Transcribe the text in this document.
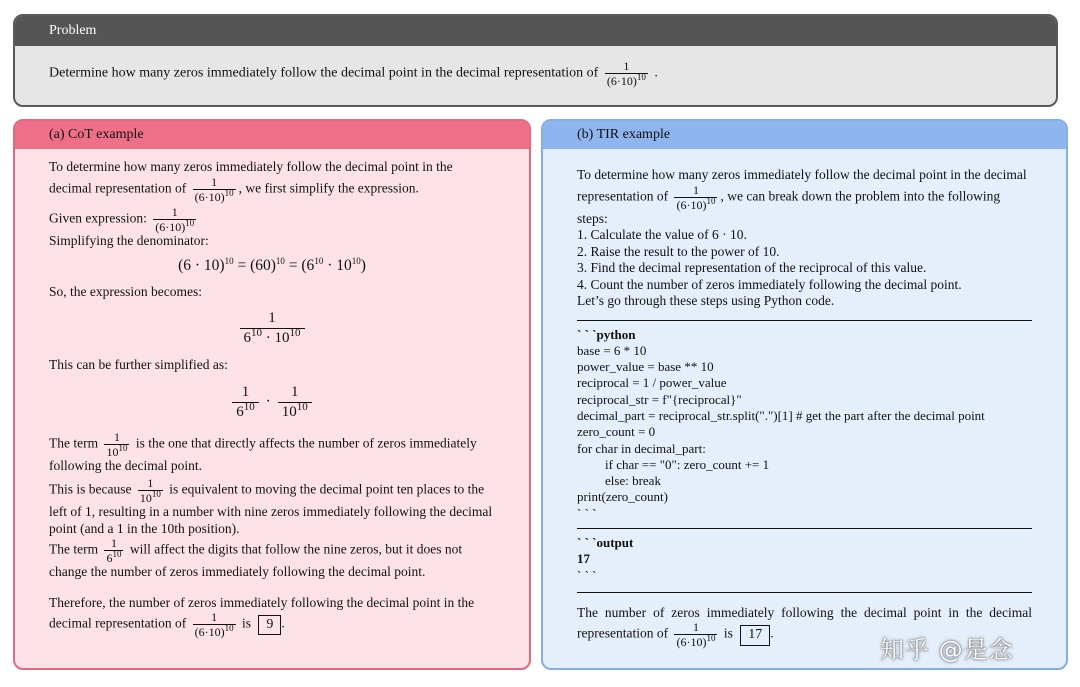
Problem
Determine how many zeros immediately follow the decimal point in the decimal representation of $\frac{1}{(6\cdot 10)^{10}}$ .
(a) CoT example

To determine how many zeros immediately follow the decimal point in the decimal representation of $\frac{1}{(6\cdot 10)^{10}}$ , we first simplify the expression.

Given expression: $\frac{1}{(6\cdot 10)^{10}}$

Simplifying the denominator:

$(6 \cdot 10)^{10} = (60)^{10} = (6^{10} \cdot 10^{10})$

So, the expression becomes:

$\frac{1}{6^{10} \cdot 10^{10}}$

This can be further simplified as:

$\frac{1}{6^{10}} \cdot \frac{1}{10^{10}}$

The term $\frac{1}{10^{10}}$ is the one that directly affects the number of zeros immediately following the decimal point.

This is because $\frac{1}{10^{10}}$ is equivalent to moving the decimal point ten places to the left of 1, resulting in a number with nine zeros immediately following the decimal point (and a 1 in the 10th position).

The term $\frac{1}{6^{10}}$ will affect the digits that follow the nine zeros, but it does not change the number of zeros immediately following the decimal point.

Therefore, the number of zeros immediately following the decimal point in the decimal representation of $\frac{1}{(6\cdot 10)^{10}}$ is 9 .

(b) TIR example

To determine how many zeros immediately follow the decimal point in the decimal representation of $\frac{1}{(6\cdot 10)^{10}}$ , we can break down the problem into the following steps:

1. Calculate the value of 6 · 10.

2. Raise the result to the power of 10.

3. Find the decimal representation of the reciprocal of this value.

4. Count the number of zeros immediately following the decimal point.

Let’s go through these steps using Python code.

` ` `python
base = 6 * 10
power_value = base ** 10
reciprocal = 1 / power_value
reciprocal_str = f"{reciprocal}"
decimal_part = reciprocal_str.split(".")[1] # get the part after the decimal point
zero_count = 0
for char in decimal_part:
if char == "0": zero_count += 1
else: break
print(zero_count)
` ` `
` ` `output
17
` ` `

The number of zeros immediately following the decimal point in the decimal representation of $\frac{1}{(6\cdot 10)^{10}}$ is 17 .

知乎 @是念
